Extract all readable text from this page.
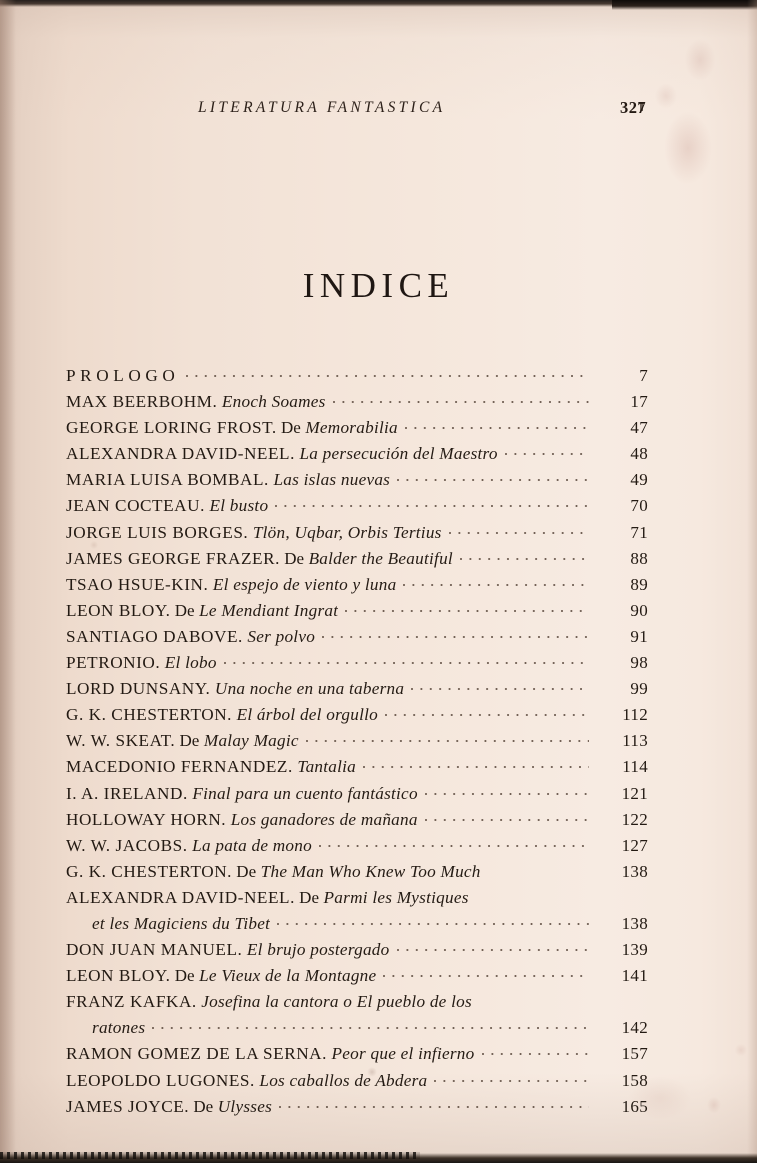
LITERATURA FANTASTICA	327
INDICE
PROLOGO	7
MAX BEERBOHM. Enoch Soames	17
GEORGE LORING FROST. De Memorabilia	47
ALEXANDRA DAVID-NEEL. La persecución del Maestro	48
MARIA LUISA BOMBAL. Las islas nuevas	49
JEAN COCTEAU. El busto	70
JORGE LUIS BORGES. Tlön, Uqbar, Orbis Tertius	71
JAMES GEORGE FRAZER. De Balder the Beautiful	88
TSAO HSUE-KIN. El espejo de viento y luna	89
LEON BLOY. De Le Mendiant Ingrat	90
SANTIAGO DABOVE. Ser polvo	91
PETRONIO. El lobo	98
LORD DUNSANY. Una noche en una taberna	99
G. K. CHESTERTON. El árbol del orgullo	112
W. W. SKEAT. De Malay Magic	113
MACEDONIO FERNANDEZ. Tantalia	114
I. A. IRELAND. Final para un cuento fantástico	121
HOLLOWAY HORN. Los ganadores de mañana	122
W. W. JACOBS. La pata de mono	127
G. K. CHESTERTON. De The Man Who Knew Too Much	138
ALEXANDRA DAVID-NEEL. De Parmi les Mystiques
et les Magiciens du Tibet	138
DON JUAN MANUEL. El brujo postergado	139
LEON BLOY. De Le Vieux de la Montagne	141
FRANZ KAFKA. Josefina la cantora o El pueblo de los
ratones	142
RAMON GOMEZ DE LA SERNA. Peor que el infierno	157
LEOPOLDO LUGONES. Los caballos de Abdera	158
JAMES JOYCE. De Ulysses	165
